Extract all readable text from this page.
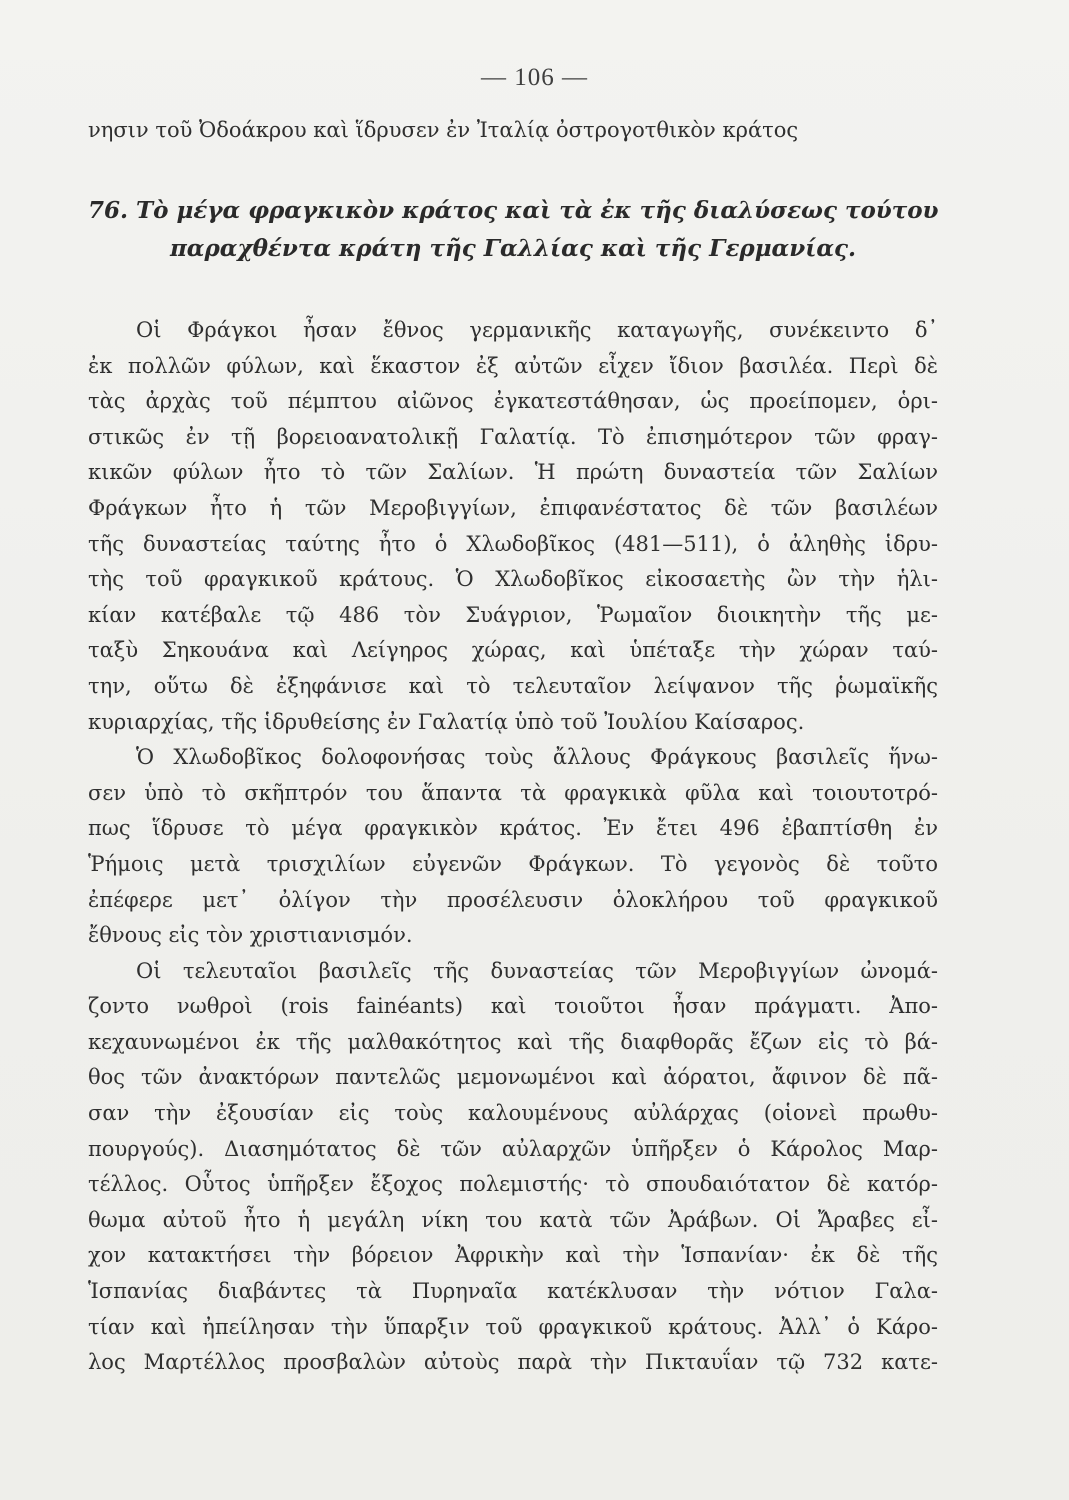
— 106 —
νησιν τοῦ Ὀδοάκρου καὶ ἵδρυσεν ἐν Ἰταλίᾳ ὀστρογοτθικὸν κράτος
76. Τὸ μέγα φραγκικὸν κράτος καὶ τὰ ἐκ τῆς διαλύσεως τούτου
παραχθέντα κράτη τῆς Γαλλίας καὶ τῆς Γερμανίας.
Οἱ Φράγκοι ἦσαν ἔθνος γερμανικῆς καταγωγῆς, συνέκειντο δ᾽
ἐκ πολλῶν φύλων, καὶ ἕκαστον ἐξ αὐτῶν εἶχεν ἴδιον βασιλέα. Περὶ δὲ
τὰς ἀρχὰς τοῦ πέμπτου αἰῶνος ἐγκατεστάθησαν, ὡς προείπομεν, ὁρι-
στικῶς ἐν τῇ βορειοανατολικῇ Γαλατίᾳ. Τὸ ἐπισημότερον τῶν φραγ-
κικῶν φύλων ἦτο τὸ τῶν Σαλίων. Ἡ πρώτη δυναστεία τῶν Σαλίων
Φράγκων ἦτο ἡ τῶν Μεροβιγγίων, ἐπιφανέστατος δὲ τῶν βασιλέων
τῆς δυναστείας ταύτης ἦτο ὁ Χλωδοβῖκος (481—511), ὁ ἀληθὴς ἱδρυ-
τὴς τοῦ φραγκικοῦ κράτους. Ὁ Χλωδοβῖκος εἰκοσαετὴς ὢν τὴν ἡλι-
κίαν κατέβαλε τῷ 486 τὸν Συάγριον, Ῥωμαῖον διοικητὴν τῆς με-
ταξὺ Σηκουάνα καὶ Λείγηρος χώρας, καὶ ὑπέταξε τὴν χώραν ταύ-
την, οὕτω δὲ ἐξηφάνισε καὶ τὸ τελευταῖον λείψανον τῆς ῥωμαϊκῆς
κυριαρχίας, τῆς ἱδρυθείσης ἐν Γαλατίᾳ ὑπὸ τοῦ Ἰουλίου Καίσαρος.
Ὁ Χλωδοβῖκος δολοφονήσας τοὺς ἄλλους Φράγκους βασιλεῖς ἥνω-
σεν ὑπὸ τὸ σκῆπτρόν του ἅπαντα τὰ φραγκικὰ φῦλα καὶ τοιουτοτρό-
πως ἵδρυσε τὸ μέγα φραγκικὸν κράτος. Ἐν ἔτει 496 ἐβαπτίσθη ἐν
Ῥήμοις μετὰ τρισχιλίων εὐγενῶν Φράγκων. Τὸ γεγονὸς δὲ τοῦτο
ἐπέφερε μετ᾽ ὀλίγον τὴν προσέλευσιν ὁλοκλήρου τοῦ φραγκικοῦ
ἔθνους εἰς τὸν χριστιανισμόν.
Οἱ τελευταῖοι βασιλεῖς τῆς δυναστείας τῶν Μεροβιγγίων ὠνομά-
ζοντο νωθροὶ (rois fainéants) καὶ τοιοῦτοι ἦσαν πράγματι. Ἀπο-
κεχαυνωμένοι ἐκ τῆς μαλθακότητος καὶ τῆς διαφθορᾶς ἔζων εἰς τὸ βά-
θος τῶν ἀνακτόρων παντελῶς μεμονωμένοι καὶ ἀόρατοι, ἄφινον δὲ πᾶ-
σαν τὴν ἐξουσίαν εἰς τοὺς καλουμένους αὐλάρχας (οἱονεὶ πρωθυ-
πουργούς). Διασημότατος δὲ τῶν αὐλαρχῶν ὑπῆρξεν ὁ Κάρολος Μαρ-
τέλλος. Οὗτος ὑπῆρξεν ἔξοχος πολεμιστής· τὸ σπουδαιότατον δὲ κατόρ-
θωμα αὐτοῦ ἦτο ἡ μεγάλη νίκη του κατὰ τῶν Ἀράβων. Οἱ Ἄραβες εἶ-
χον κατακτήσει τὴν βόρειον Ἀφρικὴν καὶ τὴν Ἱσπανίαν· ἐκ δὲ τῆς
Ἱσπανίας διαβάντες τὰ Πυρηναῖα κατέκλυσαν τὴν νότιον Γαλα-
τίαν καὶ ἠπείλησαν τὴν ὕπαρξιν τοῦ φραγκικοῦ κράτους. Ἀλλ᾽ ὁ Κάρο-
λος Μαρτέλλος προσβαλὼν αὐτοὺς παρὰ τὴν Πικταυΐαν τῷ 732 κατε-
